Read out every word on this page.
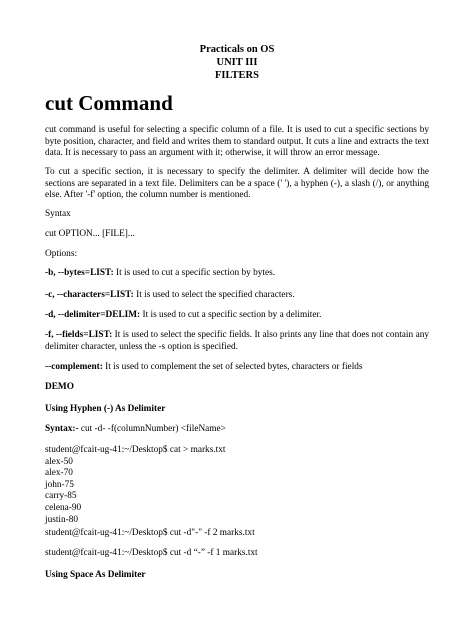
Practicals on OS
UNIT III
FILTERS
cut Command

cut command is useful for selecting a specific column of a file. It is used to cut a specific sections by byte position, character, and field and writes them to standard output. It cuts a line and extracts the text data. It is necessary to pass an argument with it; otherwise, it will throw an error message.

To cut a specific section, it is necessary to specify the delimiter. A delimiter will decide how the sections are separated in a text file. Delimiters can be a space (' '), a hyphen (-), a slash (/), or anything else. After '-f' option, the column number is mentioned.

Syntax

cut OPTION... [FILE]...

Options:

-b, --bytes=LIST: It is used to cut a specific section by bytes.

-c, --characters=LIST: It is used to select the specified characters.

-d, --delimiter=DELIM: It is used to cut a specific section by a delimiter.

-f, --fields=LIST: It is used to select the specific fields. It also prints any line that does not contain any delimiter character, unless the -s option is specified.

--complement: It is used to complement the set of selected bytes, characters or fields

DEMO

Using Hyphen (-) As Delimiter

Syntax:- cut -d- -f(columnNumber) <fileName>

student@fcait-ug-41:~/Desktop$ cat > marks.txt
alex-50
alex-70
john-75
carry-85
celena-90
justin-80

student@fcait-ug-41:~/Desktop$ cut -d"-" -f 2 marks.txt

student@fcait-ug-41:~/Desktop$ cut -d “-” -f 1 marks.txt

Using Space As Delimiter
